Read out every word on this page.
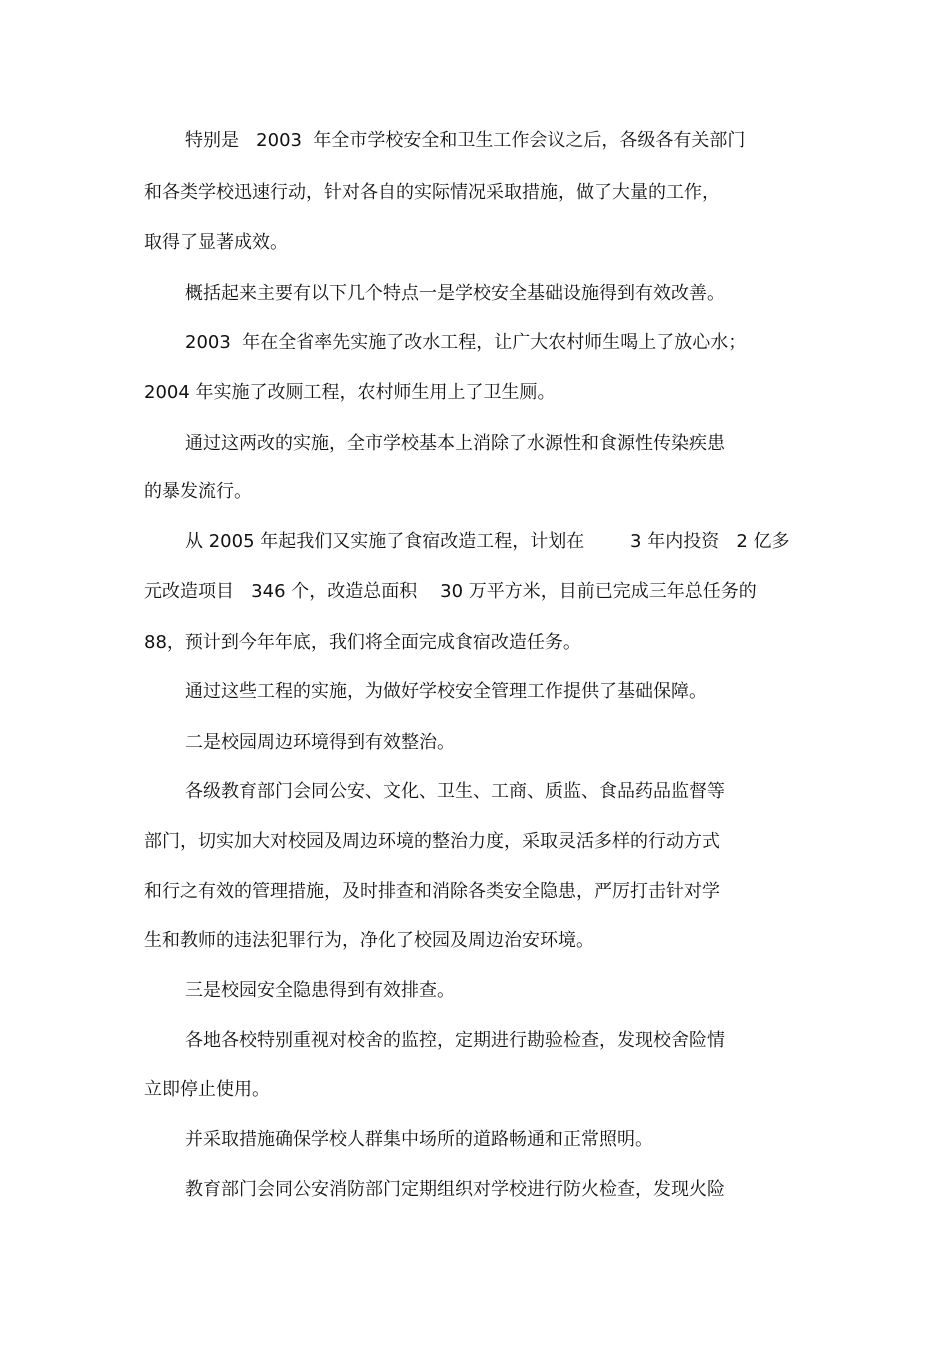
特别是   2003  年全市学校安全和卫生工作会议之后，各级各有关部门
和各类学校迅速行动，针对各自的实际情况采取措施，做了大量的工作，
取得了显著成效。
概括起来主要有以下几个特点一是学校安全基础设施得到有效改善。
2003  年在全省率先实施了改水工程，让广大农村师生喝上了放心水；
2004 年实施了改厕工程，农村师生用上了卫生厕。
通过这两改的实施，全市学校基本上消除了水源性和食源性传染疾患
的暴发流行。
从 2005 年起我们又实施了食宿改造工程，计划在        3 年内投资   2 亿多
元改造项目   346 个，改造总面积    30 万平方米，目前已完成三年总任务的
88，预计到今年年底，我们将全面完成食宿改造任务。
通过这些工程的实施，为做好学校安全管理工作提供了基础保障。
二是校园周边环境得到有效整治。
各级教育部门会同公安、文化、卫生、工商、质监、食品药品监督等
部门，切实加大对校园及周边环境的整治力度，采取灵活多样的行动方式
和行之有效的管理措施，及时排查和消除各类安全隐患，严厉打击针对学
生和教师的违法犯罪行为，净化了校园及周边治安环境。
三是校园安全隐患得到有效排查。
各地各校特别重视对校舍的监控，定期进行勘验检查，发现校舍险情
立即停止使用。
并采取措施确保学校人群集中场所的道路畅通和正常照明。
教育部门会同公安消防部门定期组织对学校进行防火检查，发现火险
